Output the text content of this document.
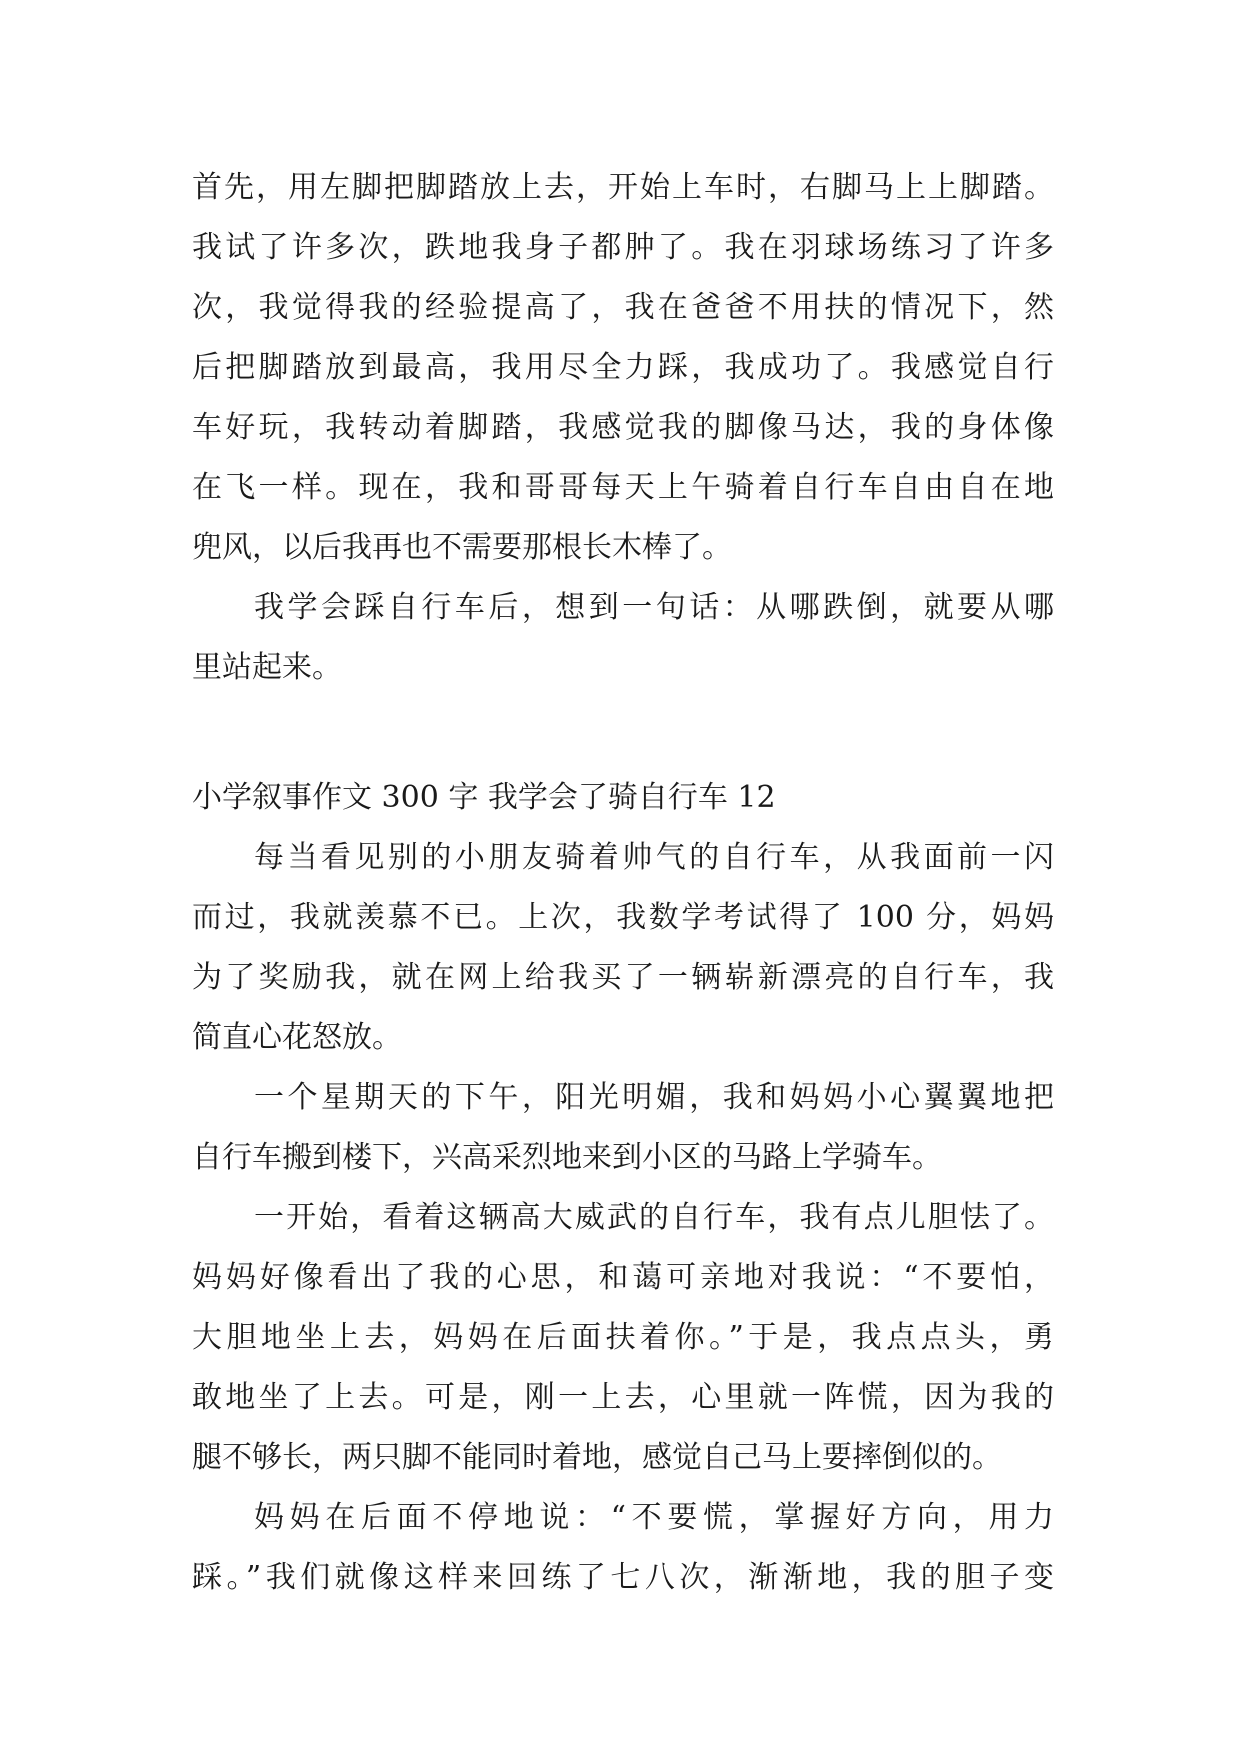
首先，用左脚把脚踏放上去，开始上车时，右脚马上上脚踏。
我试了许多次，跌地我身子都肿了。我在羽球场练习了许多
次，我觉得我的经验提高了，我在爸爸不用扶的情况下，然
后把脚踏放到最高，我用尽全力踩，我成功了。我感觉自行
车好玩，我转动着脚踏，我感觉我的脚像马达，我的身体像
在飞一样。现在，我和哥哥每天上午骑着自行车自由自在地
兜风，以后我再也不需要那根长木棒了。
我学会踩自行车后，想到一句话：从哪跌倒，就要从哪
里站起来。
小学叙事作文 300 字 我学会了骑自行车 12
每当看见别的小朋友骑着帅气的自行车，从我面前一闪
而过，我就羡慕不已。上次，我数学考试得了 100 分，妈妈
为了奖励我，就在网上给我买了一辆崭新漂亮的自行车，我
简直心花怒放。
一个星期天的下午，阳光明媚，我和妈妈小心翼翼地把
自行车搬到楼下，兴高采烈地来到小区的马路上学骑车。
一开始，看着这辆高大威武的自行车，我有点儿胆怯了。
妈妈好像看出了我的心思，和蔼可亲地对我说：“不要怕，
大胆地坐上去，妈妈在后面扶着你。”于是，我点点头，勇
敢地坐了上去。可是，刚一上去，心里就一阵慌，因为我的
腿不够长，两只脚不能同时着地，感觉自己马上要摔倒似的。
妈妈在后面不停地说：“不要慌，掌握好方向，用力
踩。”我们就像这样来回练了七八次，渐渐地，我的胆子变
